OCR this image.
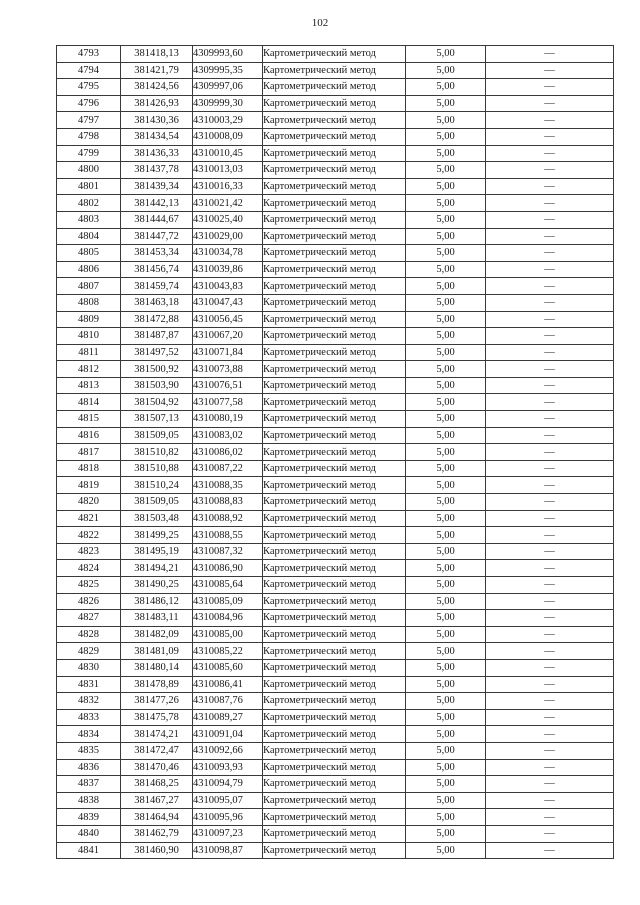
102
4793	381418,13	4309993,60	Картометрический метод	5,00	—
4794	381421,79	4309995,35	Картометрический метод	5,00	—
4795	381424,56	4309997,06	Картометрический метод	5,00	—
4796	381426,93	4309999,30	Картометрический метод	5,00	—
4797	381430,36	4310003,29	Картометрический метод	5,00	—
4798	381434,54	4310008,09	Картометрический метод	5,00	—
4799	381436,33	4310010,45	Картометрический метод	5,00	—
4800	381437,78	4310013,03	Картометрический метод	5,00	—
4801	381439,34	4310016,33	Картометрический метод	5,00	—
4802	381442,13	4310021,42	Картометрический метод	5,00	—
4803	381444,67	4310025,40	Картометрический метод	5,00	—
4804	381447,72	4310029,00	Картометрический метод	5,00	—
4805	381453,34	4310034,78	Картометрический метод	5,00	—
4806	381456,74	4310039,86	Картометрический метод	5,00	—
4807	381459,74	4310043,83	Картометрический метод	5,00	—
4808	381463,18	4310047,43	Картометрический метод	5,00	—
4809	381472,88	4310056,45	Картометрический метод	5,00	—
4810	381487,87	4310067,20	Картометрический метод	5,00	—
4811	381497,52	4310071,84	Картометрический метод	5,00	—
4812	381500,92	4310073,88	Картометрический метод	5,00	—
4813	381503,90	4310076,51	Картометрический метод	5,00	—
4814	381504,92	4310077,58	Картометрический метод	5,00	—
4815	381507,13	4310080,19	Картометрический метод	5,00	—
4816	381509,05	4310083,02	Картометрический метод	5,00	—
4817	381510,82	4310086,02	Картометрический метод	5,00	—
4818	381510,88	4310087,22	Картометрический метод	5,00	—
4819	381510,24	4310088,35	Картометрический метод	5,00	—
4820	381509,05	4310088,83	Картометрический метод	5,00	—
4821	381503,48	4310088,92	Картометрический метод	5,00	—
4822	381499,25	4310088,55	Картометрический метод	5,00	—
4823	381495,19	4310087,32	Картометрический метод	5,00	—
4824	381494,21	4310086,90	Картометрический метод	5,00	—
4825	381490,25	4310085,64	Картометрический метод	5,00	—
4826	381486,12	4310085,09	Картометрический метод	5,00	—
4827	381483,11	4310084,96	Картометрический метод	5,00	—
4828	381482,09	4310085,00	Картометрический метод	5,00	—
4829	381481,09	4310085,22	Картометрический метод	5,00	—
4830	381480,14	4310085,60	Картометрический метод	5,00	—
4831	381478,89	4310086,41	Картометрический метод	5,00	—
4832	381477,26	4310087,76	Картометрический метод	5,00	—
4833	381475,78	4310089,27	Картометрический метод	5,00	—
4834	381474,21	4310091,04	Картометрический метод	5,00	—
4835	381472,47	4310092,66	Картометрический метод	5,00	—
4836	381470,46	4310093,93	Картометрический метод	5,00	—
4837	381468,25	4310094,79	Картометрический метод	5,00	—
4838	381467,27	4310095,07	Картометрический метод	5,00	—
4839	381464,94	4310095,96	Картометрический метод	5,00	—
4840	381462,79	4310097,23	Картометрический метод	5,00	—
4841	381460,90	4310098,87	Картометрический метод	5,00	—
